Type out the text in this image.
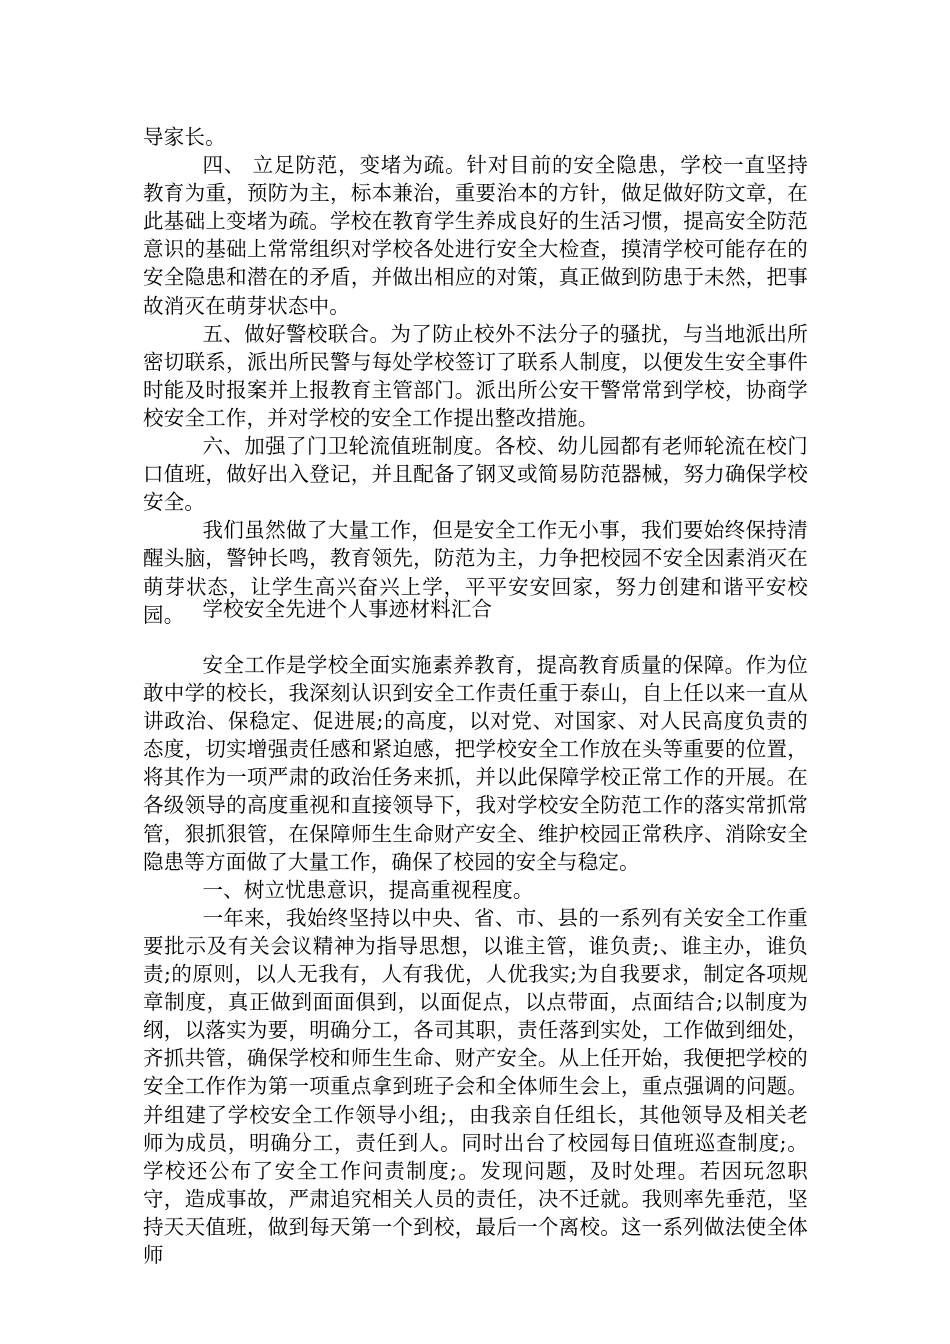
导家长。

四、 立足防范，变堵为疏。针对目前的安全隐患，学校一直坚持教育为重，预防为主，标本兼治，重要治本的方针，做足做好防文章，在此基础上变堵为疏。学校在教育学生养成良好的生活习惯，提高安全防范意识的基础上常常组织对学校各处进行安全大检查，摸清学校可能存在的安全隐患和潜在的矛盾，并做出相应的对策，真正做到防患于未然，把事故消灭在萌芽状态中。

五、做好警校联合。为了防止校外不法分子的骚扰，与当地派出所密切联系，派出所民警与每处学校签订了联系人制度，以便发生安全事件时能及时报案并上报教育主管部门。派出所公安干警常常到学校，协商学校安全工作，并对学校的安全工作提出整改措施。

六、加强了门卫轮流值班制度。各校、幼儿园都有老师轮流在校门口值班，做好出入登记，并且配备了钢叉或简易防范器械，努力确保学校安全。

我们虽然做了大量工作，但是安全工作无小事，我们要始终保持清醒头脑，警钟长鸣，教育领先，防范为主，力争把校园不安全因素消灭在萌芽状态，让学生高兴奋兴上学，平平安安回家，努力创建和谐平安校园。 学校安全先进个人事迹材料汇合

安全工作是学校全面实施素养教育，提高教育质量的保障。作为位敢中学的校长，我深刻认识到安全工作责任重于泰山，自上任以来一直从讲政治、保稳定、促进展;的高度，以对党、对国家、对人民高度负责的态度，切实增强责任感和紧迫感，把学校安全工作放在头等重要的位置，将其作为一项严肃的政治任务来抓，并以此保障学校正常工作的开展。在各级领导的高度重视和直接领导下，我对学校安全防范工作的落实常抓常管，狠抓狠管，在保障师生生命财产安全、维护校园正常秩序、消除安全隐患等方面做了大量工作，确保了校园的安全与稳定。

一、树立忧患意识，提高重视程度。

一年来，我始终坚持以中央、省、市、县的一系列有关安全工作重要批示及有关会议精神为指导思想，以谁主管，谁负责;、谁主办，谁负责;的原则，以人无我有，人有我优，人优我实;为自我要求，制定各项规章制度，真正做到面面俱到，以面促点，以点带面，点面结合;以制度为纲，以落实为要，明确分工，各司其职，责任落到实处，工作做到细处，齐抓共管，确保学校和师生生命、财产安全。从上任开始，我便把学校的安全工作作为第一项重点拿到班子会和全体师生会上，重点强调的问题。并组建了学校安全工作领导小组;，由我亲自任组长，其他领导及相关老师为成员，明确分工，责任到人。同时出台了校园每日值班巡查制度;。学校还公布了安全工作问责制度;。发现问题，及时处理。若因玩忽职守，造成事故，严肃追究相关人员的责任，决不迁就。我则率先垂范，坚持天天值班，做到每天第一个到校，最后一个离校。这一系列做法使全体师
